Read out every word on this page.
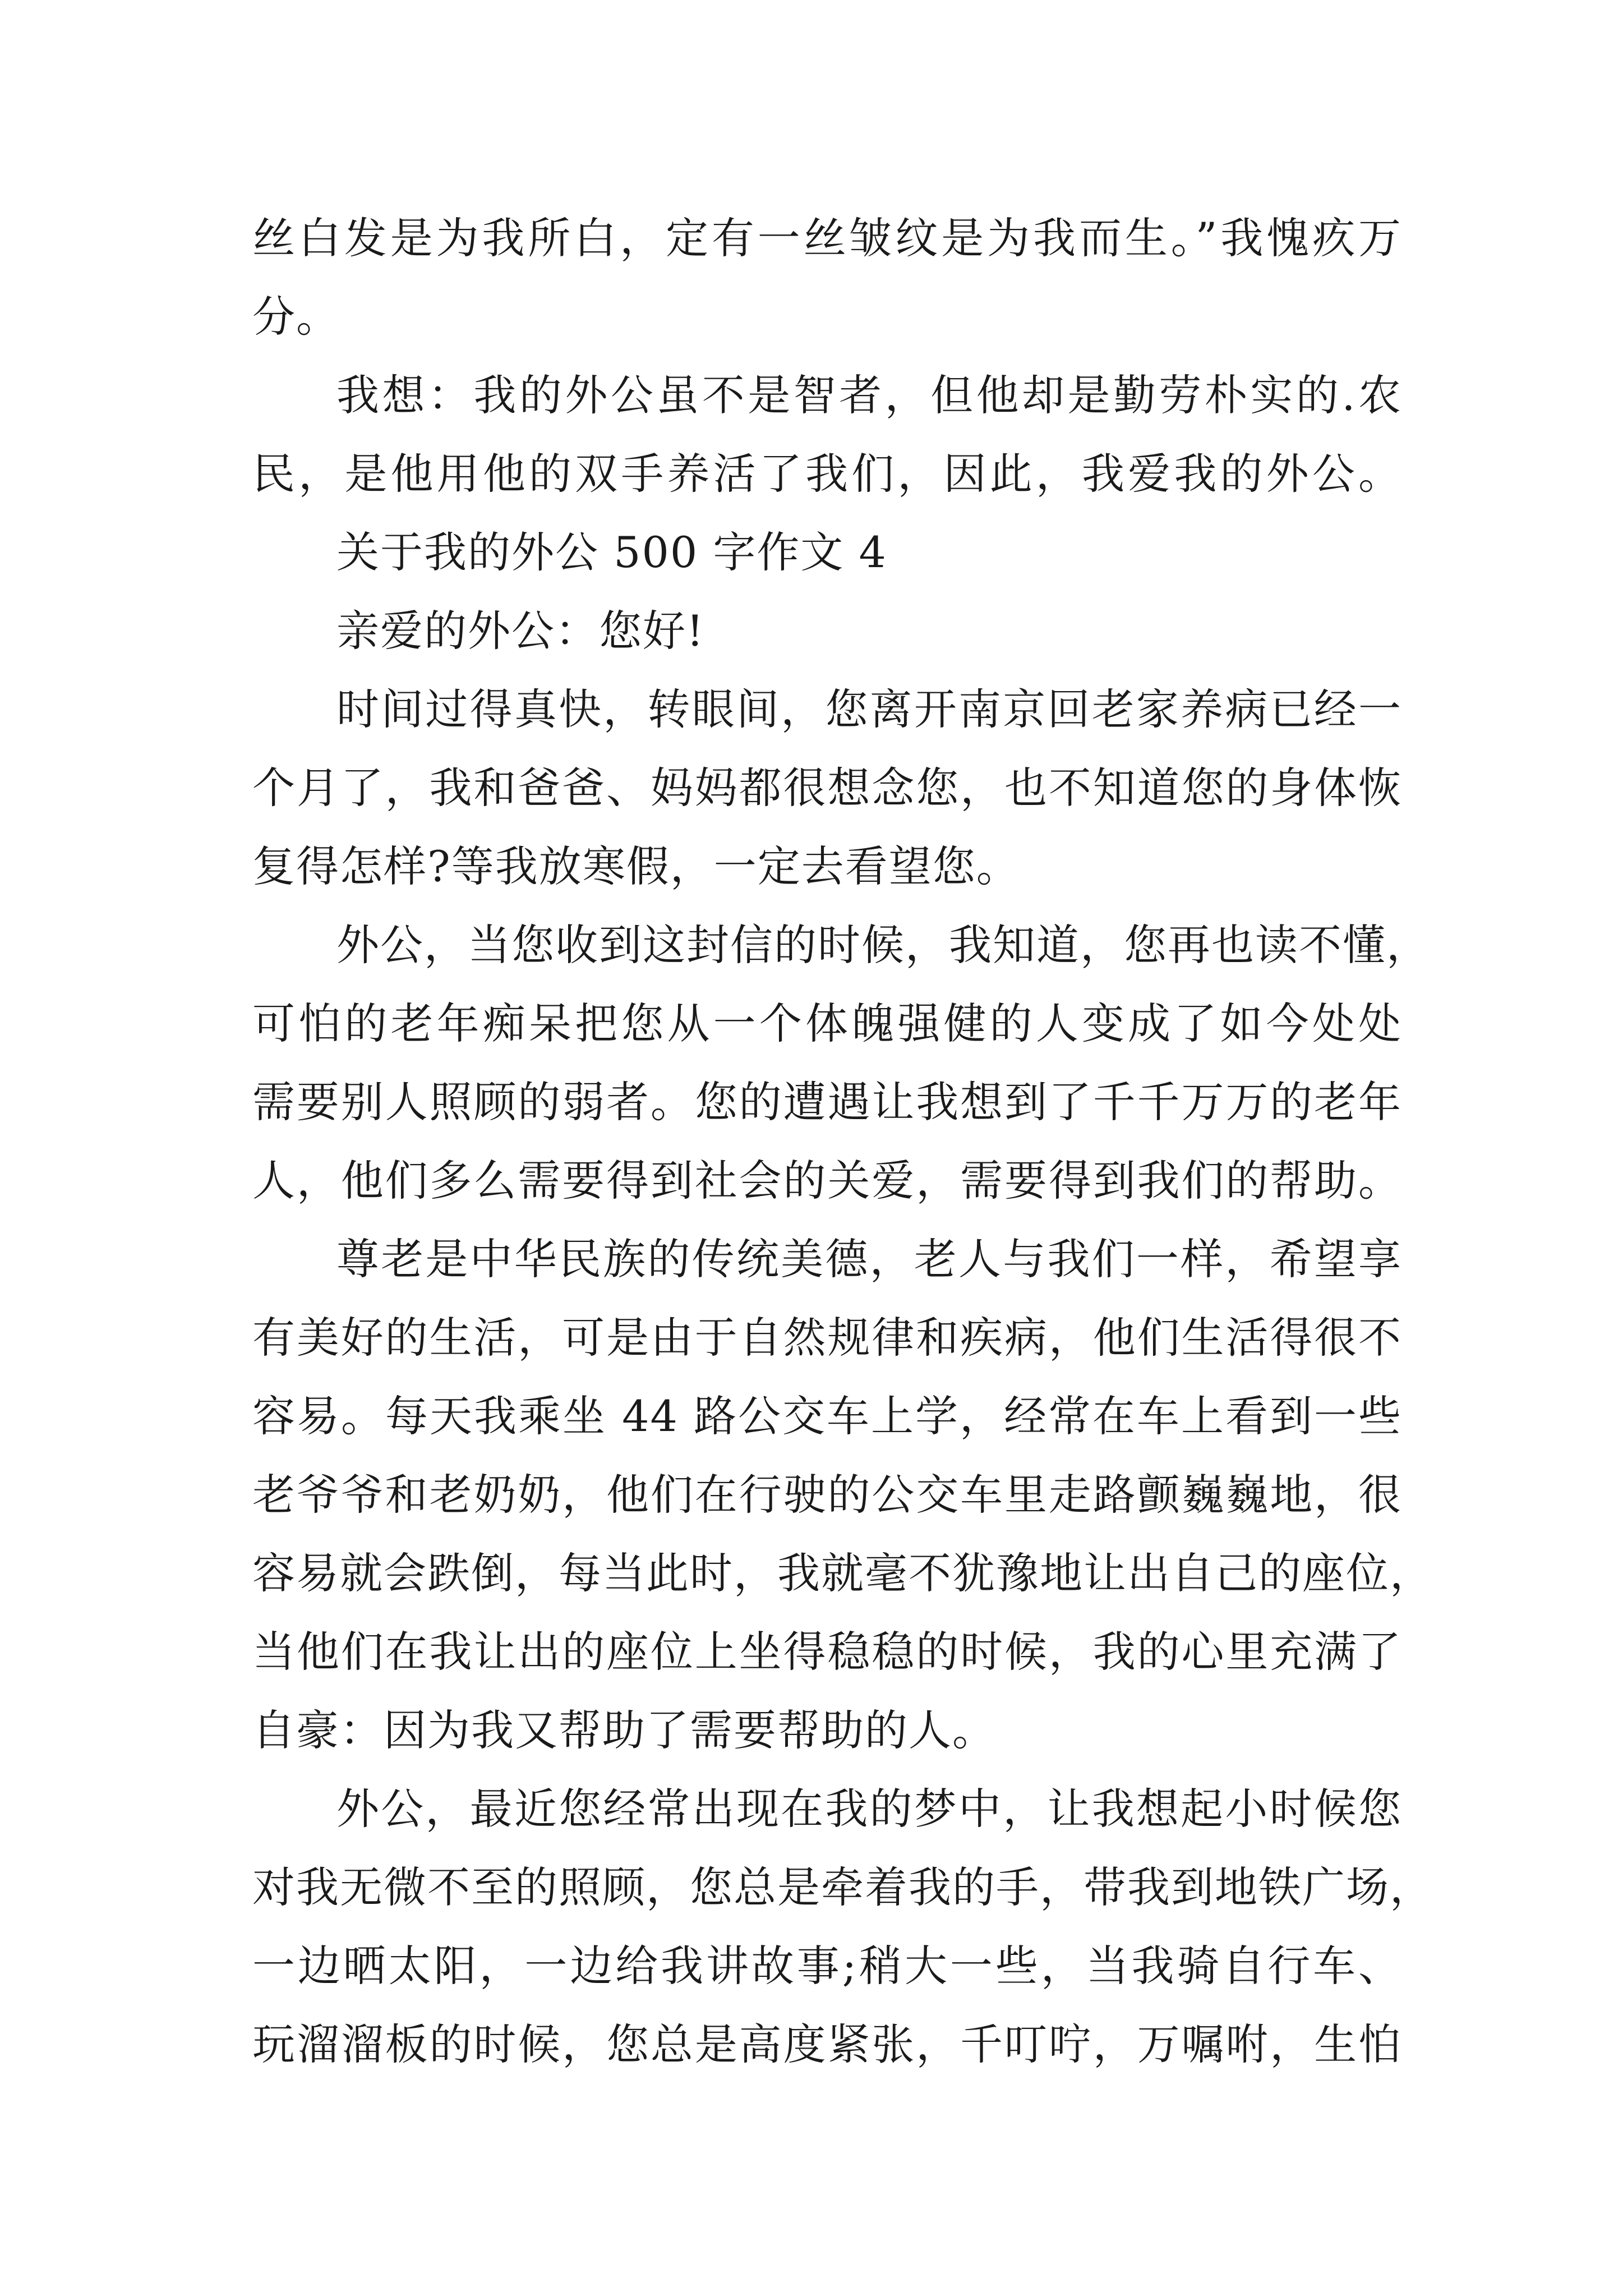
丝白发是为我所白，定有一丝皱纹是为我而生。”我愧疚万
分。
我想：我的外公虽不是智者，但他却是勤劳朴实的.农
民，是他用他的双手养活了我们，因此，我爱我的外公。
关于我的外公 500 字作文 4
亲爱的外公：您好!
时间过得真快，转眼间，您离开南京回老家养病已经一
个月了，我和爸爸、妈妈都很想念您，也不知道您的身体恢
复得怎样?等我放寒假，一定去看望您。
外公，当您收到这封信的时候，我知道，您再也读不懂，
可怕的老年痴呆把您从一个体魄强健的人变成了如今处处
需要别人照顾的弱者。您的遭遇让我想到了千千万万的老年
人，他们多么需要得到社会的关爱，需要得到我们的帮助。
尊老是中华民族的传统美德，老人与我们一样，希望享
有美好的生活，可是由于自然规律和疾病，他们生活得很不
容易。每天我乘坐 44 路公交车上学，经常在车上看到一些
老爷爷和老奶奶，他们在行驶的公交车里走路颤巍巍地，很
容易就会跌倒，每当此时，我就毫不犹豫地让出自己的座位，
当他们在我让出的座位上坐得稳稳的时候，我的心里充满了
自豪：因为我又帮助了需要帮助的人。
外公，最近您经常出现在我的梦中，让我想起小时候您
对我无微不至的照顾，您总是牵着我的手，带我到地铁广场，
一边晒太阳，一边给我讲故事;稍大一些，当我骑自行车、
玩溜溜板的时候，您总是高度紧张，千叮咛，万嘱咐，生怕
